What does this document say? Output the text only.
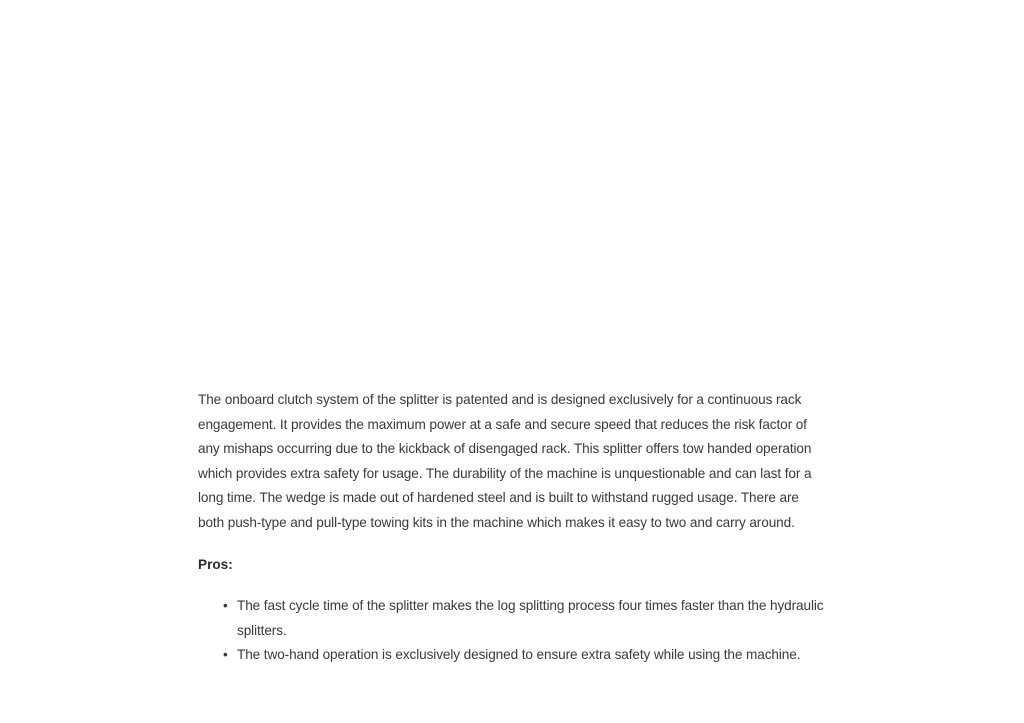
The onboard clutch system of the splitter is patented and is designed exclusively for a continuous rack engagement. It provides the maximum power at a safe and secure speed that reduces the risk factor of any mishaps occurring due to the kickback of disengaged rack. This splitter offers tow handed operation which provides extra safety for usage. The durability of the machine is unquestionable and can last for a long time. The wedge is made out of hardened steel and is built to withstand rugged usage. There are both push-type and pull-type towing kits in the machine which makes it easy to two and carry around.

Pros:

• The fast cycle time of the splitter makes the log splitting process four times faster than the hydraulic splitters.
• The two-hand operation is exclusively designed to ensure extra safety while using the machine.
